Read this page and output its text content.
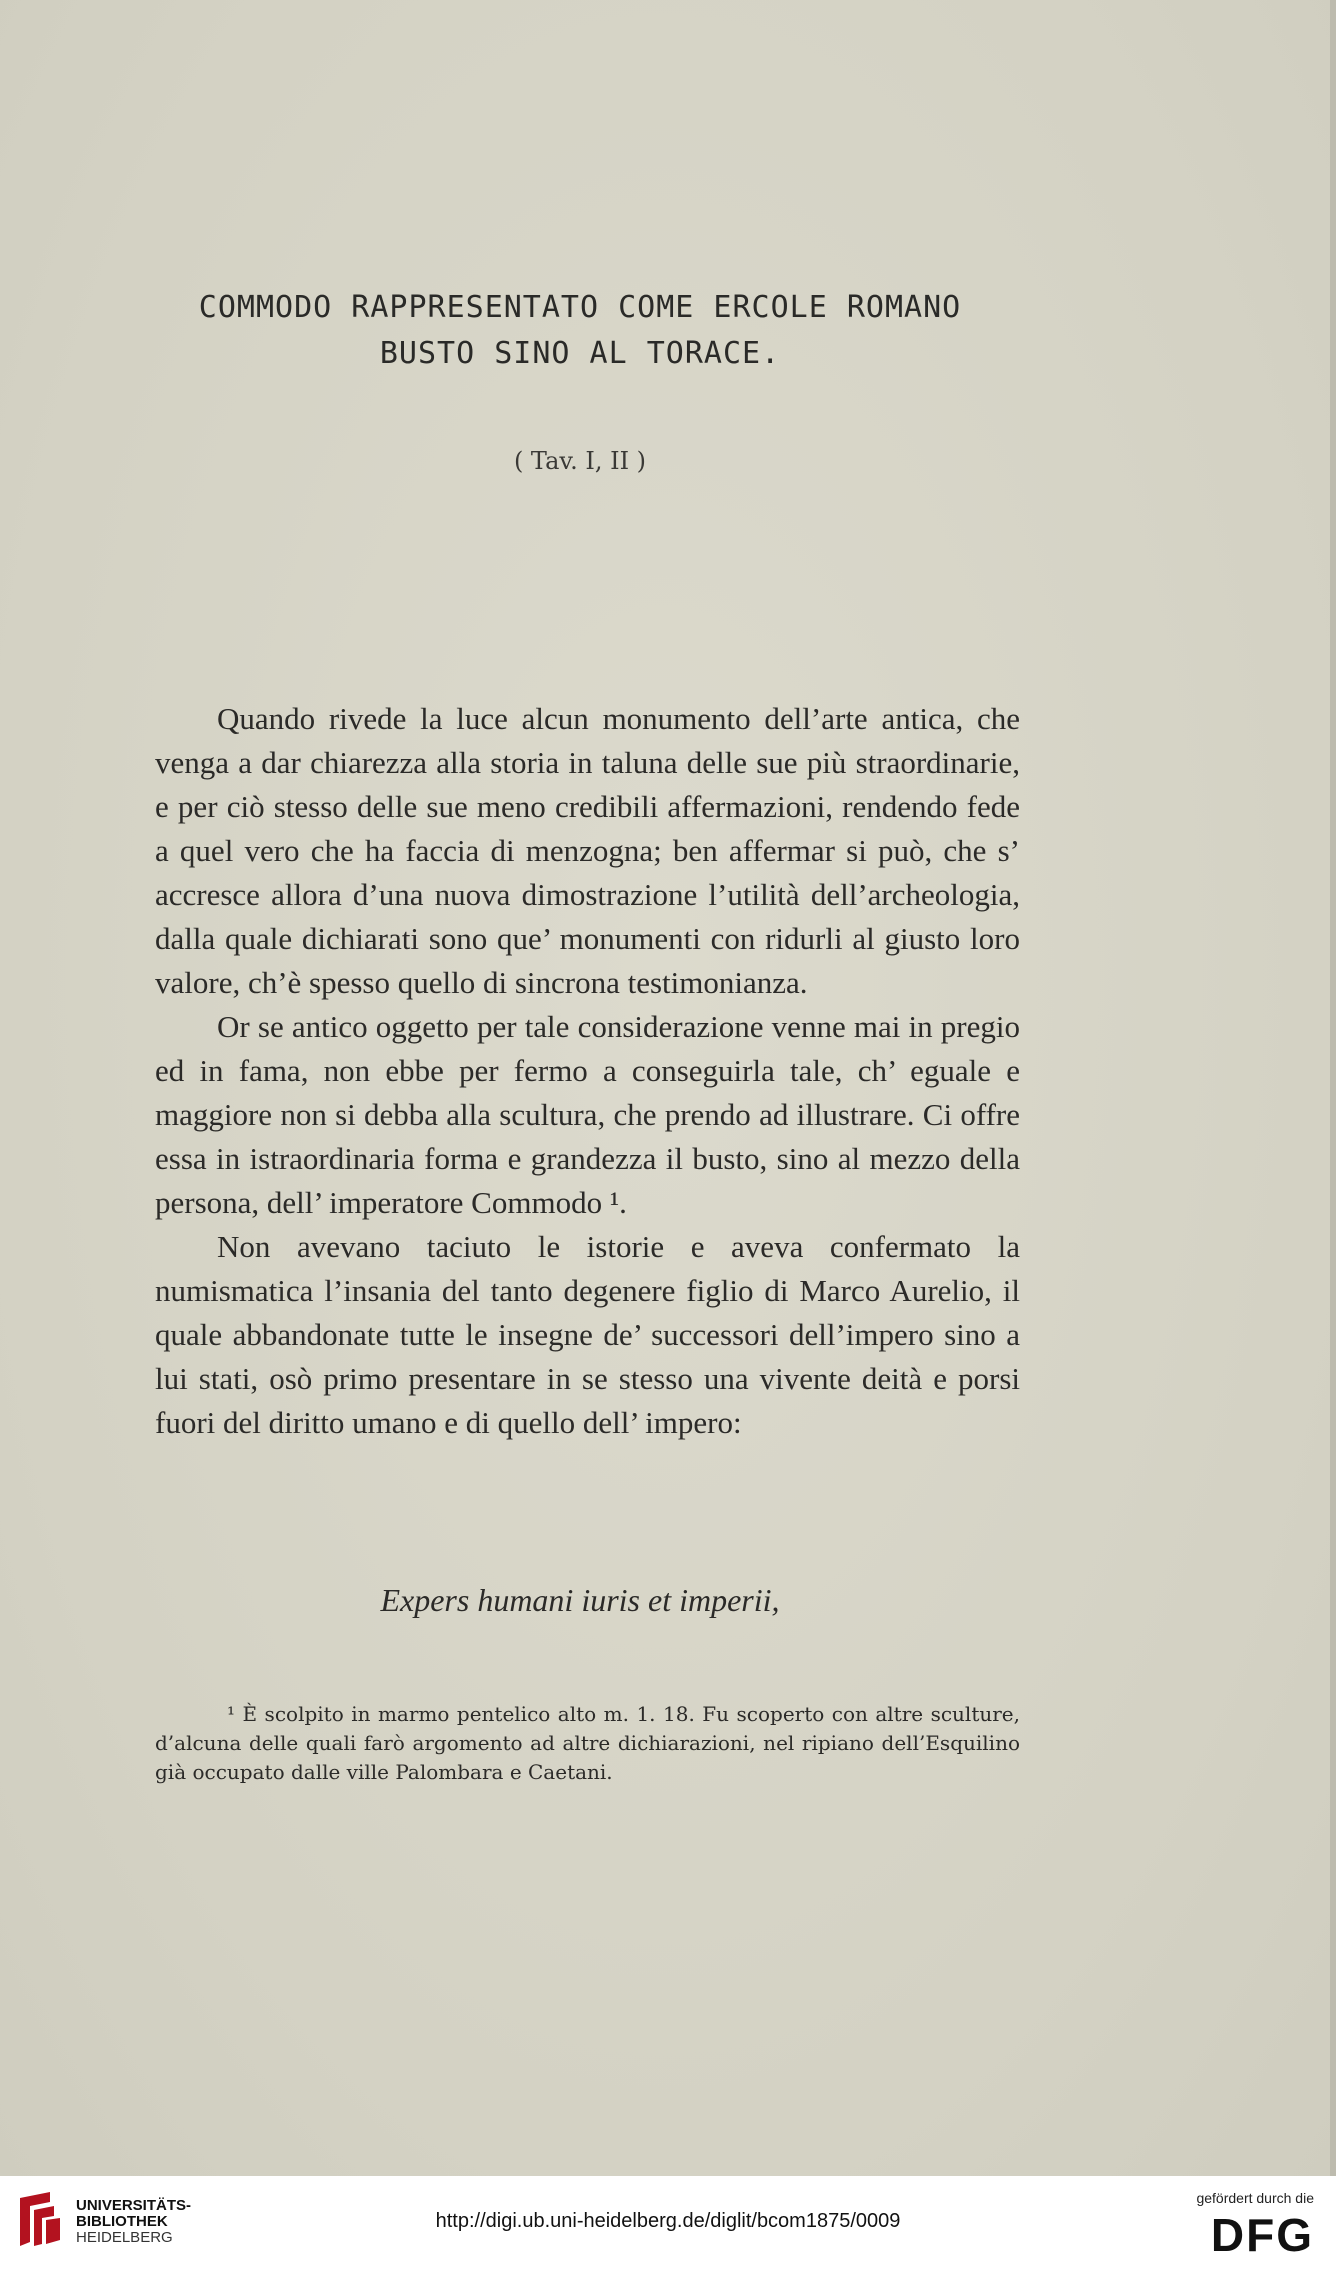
COMMODO RAPPRESENTATO COME ERCOLE ROMANO
BUSTO SINO AL TORACE.
( Tav. I, II )

Quando rivede la luce alcun monumento dell’arte antica, che venga a dar chiarezza alla storia in taluna delle sue più straordinarie, e per ciò stesso delle sue meno credibili affermazioni, rendendo fede a quel vero che ha faccia di menzogna; ben affermar si può, che s’ accresce allora d’una nuova dimostrazione l’utilità dell’archeologia, dalla quale dichiarati sono que’ monumenti con ridurli al giusto loro valore, ch’è spesso quello di sincrona testimonianza.

Or se antico oggetto per tale considerazione venne mai in pregio ed in fama, non ebbe per fermo a conseguirla tale, ch’ eguale e maggiore non si debba alla scultura, che prendo ad illustrare. Ci offre essa in istraordinaria forma e grandezza il busto, sino al mezzo della persona, dell’ imperatore Commodo ¹.

Non avevano taciuto le istorie e aveva confermato la numismatica l’insania del tanto degenere figlio di Marco Aurelio, il quale abbandonate tutte le insegne de’ successori dell’impero sino a lui stati, osò primo presentare in se stesso una vivente deità e porsi fuori del diritto umano e di quello dell’ impero:

Expers humani iuris et imperii,
¹ È scolpito in marmo pentelico alto m. 1. 18. Fu scoperto con altre sculture, d’alcuna delle quali farò argomento ad altre dichiarazioni, nel ripiano dell’Esquilino già occupato dalle ville Palombara e Caetani.
UNIVERSITÄTS-
BIBLIOTHEK
HEIDELBERG
http://digi.ub.uni-heidelberg.de/diglit/bcom1875/0009
gefördert durch die
DFG
